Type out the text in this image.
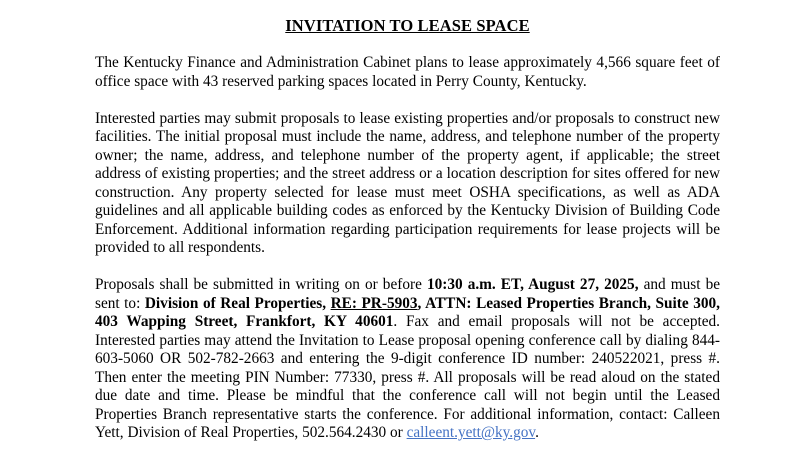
INVITATION TO LEASE SPACE

The Kentucky Finance and Administration Cabinet plans to lease approximately 4,566 square feet of office space with 43 reserved parking spaces located in Perry County, Kentucky.

Interested parties may submit proposals to lease existing properties and/or proposals to construct new facilities. The initial proposal must include the name, address, and telephone number of the property owner; the name, address, and telephone number of the property agent, if applicable; the street address of existing properties; and the street address or a location description for sites offered for new construction. Any property selected for lease must meet OSHA specifications, as well as ADA guidelines and all applicable building codes as enforced by the Kentucky Division of Building Code Enforcement. Additional information regarding participation requirements for lease projects will be provided to all respondents.

Proposals shall be submitted in writing on or before 10:30 a.m. ET, August 27, 2025, and must be sent to: Division of Real Properties, RE: PR-5903, ATTN: Leased Properties Branch, Suite 300, 403 Wapping Street, Frankfort, KY 40601. Fax and email proposals will not be accepted. Interested parties may attend the Invitation to Lease proposal opening conference call by dialing 844-603-5060 OR 502-782-2663 and entering the 9-digit conference ID number: 240522021, press #. Then enter the meeting PIN Number: 77330, press #. All proposals will be read aloud on the stated due date and time. Please be mindful that the conference call will not begin until the Leased Properties Branch representative starts the conference. For additional information, contact: Calleen Yett, Division of Real Properties, 502.564.2430 or calleent.yett@ky.gov.
